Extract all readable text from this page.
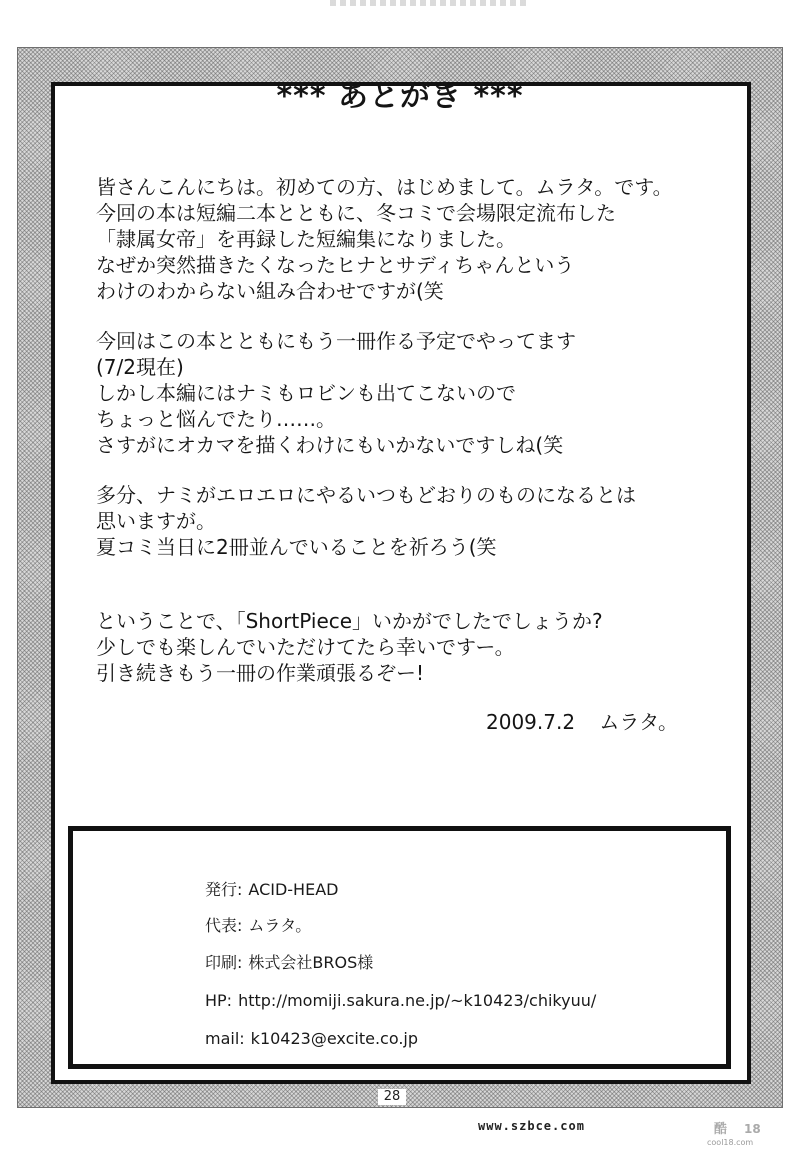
*** あとがき ***
皆さんこんにちは。初めての方、はじめまして。ムラタ。です。
今回の本は短編二本とともに、冬コミで会場限定流布した
「隷属女帝」を再録した短編集になりました。
なぜか突然描きたくなったヒナとサディちゃんという
わけのわからない組み合わせですが(笑
今回はこの本とともにもう一冊作る予定でやってます
(7/2現在)
しかし本編にはナミもロビンも出てこないので
ちょっと悩んでたり‥‥‥。
さすがにオカマを描くわけにもいかないですしね(笑
多分、ナミがエロエロにやるいつもどおりのものになるとは
思いますが。
夏コミ当日に2冊並んでいることを祈ろう(笑
ということで、「ShortPiece」いかがでしたでしょうか?
少しでも楽しんでいただけてたら幸いですー。
引き続きもう一冊の作業頑張るぞー!
2009.7.2 ムラタ。
発行: ACID-HEAD
代表: ムラタ。
印刷: 株式会社BROS様
HP: http://momiji.sakura.ne.jp/~k10423/chikyuu/
mail: k10423@excite.co.jp
28
www.szbce.com	酷 18
cool18.com
